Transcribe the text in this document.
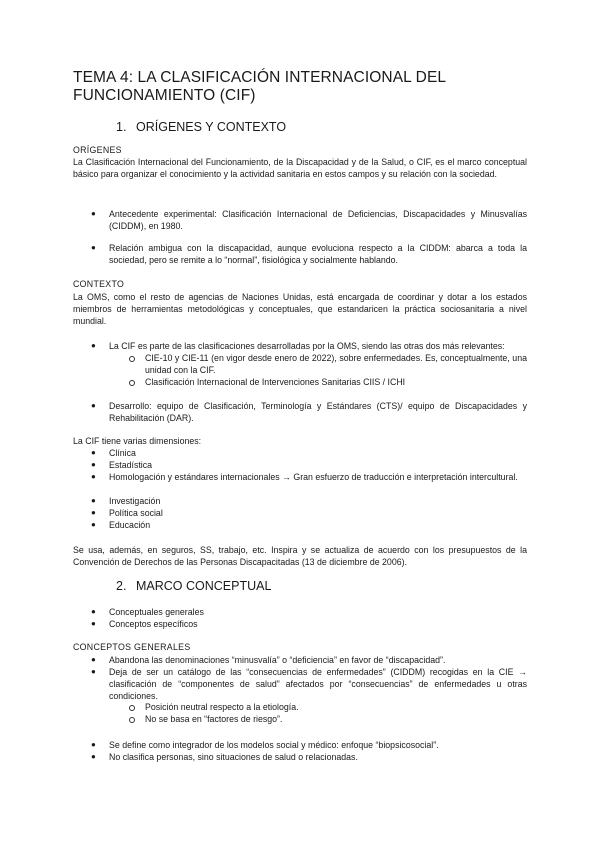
TEMA 4: LA CLASIFICACIÓN INTERNACIONAL DEL FUNCIONAMIENTO (CIF)
1. ORÍGENES Y CONTEXTO
ORÍGENES
La Clasificación Internacional del Funcionamiento, de la Discapacidad y de la Salud, o CIF, es el marco conceptual básico para organizar el conocimiento y la actividad sanitaria en estos campos y su relación con la sociedad.
● Antecedente experimental: Clasificación Internacional de Deficiencias, Discapacidades y Minusvalías (CIDDM), en 1980.
● Relación ambigua con la discapacidad, aunque evoluciona respecto a la CIDDM: abarca a toda la sociedad, pero se remite a lo “normal”, fisiológica y socialmente hablando.
CONTEXTO
La OMS, como el resto de agencias de Naciones Unidas, está encargada de coordinar y dotar a los estados miembros de herramientas metodológicas y conceptuales, que estandaricen la práctica sociosanitaria a nivel mundial.
● La CIF es parte de las clasificaciones desarrolladas por la OMS, siendo las otras dos más relevantes:
CIE-10 y CIE-11 (en vigor desde enero de 2022), sobre enfermedades. Es, conceptualmente, una unidad con la CIF.
Clasificación Internacional de Intervenciones Sanitarias CIIS / ICHI
● Desarrollo: equipo de Clasificación, Terminología y Estándares (CTS)/ equipo de Discapacidades y Rehabilitación (DAR).
La CIF tiene varias dimensiones:
● Clínica
● Estadística
● Homologación y estándares internacionales → Gran esfuerzo de traducción e interpretación intercultural.
● Investigación
● Política social
● Educación
Se usa, además, en seguros, SS, trabajo, etc. Inspira y se actualiza de acuerdo con los presupuestos de la Convención de Derechos de las Personas Discapacitadas (13 de diciembre de 2006).
2. MARCO CONCEPTUAL
● Conceptuales generales
● Conceptos específicos
CONCEPTOS GENERALES
● Abandona las denominaciones “minusvalía” o “deficiencia” en favor de “discapacidad”.
● Deja de ser un catálogo de las “consecuencias de enfermedades” (CIDDM) recogidas en la CIE → clasificación de “componentes de salud” afectados por “consecuencias” de enfermedades u otras condiciones.
Posición neutral respecto a la etiología.
No se basa en “factores de riesgo”.
● Se define como integrador de los modelos social y médico: enfoque “biopsicosocial”.
● No clasifica personas, sino situaciones de salud o relacionadas.
